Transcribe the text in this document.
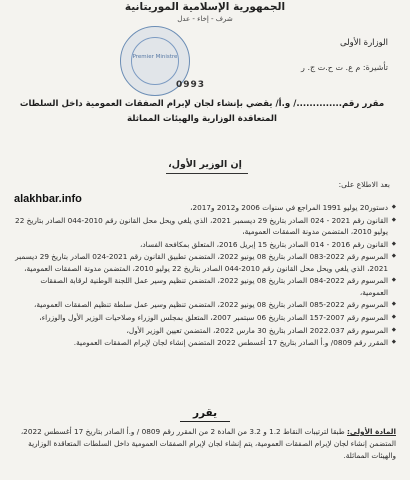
الجمهورية الإسلامية الموريتانية
شرف - إخاء - عدل
الوزارة الأولى
تأشيرة: م ع. ت ح.ت ج. ر
Premier Ministre
0993
مقرر رقم............../ و.أ/ يقضي بإنشاء لجان لإبرام الصفقات العمومية داخل السلطات المتعاقدة الوزارية والهيئات المماثلة
إن الوزير الأول،
بعد الاطلاع على:
alakhbar.info
◆ دستور20 يوليو 1991 المراجع في سنوات 2006 و2012 و2017،
◆ القانون رقم 2021 - 024 الصادر بتاريخ 29 ديسمبر 2021، الذي يلغي ويحل محل القانون رقم 2010-044 الصادر بتاريخ 22 يوليو 2010، المتضمن مدونة الصفقات العمومية،
◆ القانون رقم 2016 - 014 الصادر بتاريخ 15 إبريل 2016، المتعلق بمكافحة الفساد،
◆ المرسوم رقم 2022-083 الصادر بتاريخ 08 يونيو 2022، المتضمن تطبيق القانون رقم 2021-024 الصادر بتاريخ 29 ديسمبر 2021، الذي يلغي ويحل محل القانون رقم 2010-044 الصادر بتاريخ 22 يوليو 2010، المتضمن مدونة الصفقات العمومية،
◆ المرسوم رقم 2022-084 الصادر بتاريخ 08 يونيو 2022، المتضمن تنظيم وسير عمل اللجنة الوطنية لرقابة الصفقات العمومية،
◆ المرسوم رقم 2022-085 الصادر بتاريخ 08 يونيو 2022، المتضمن تنظيم وسير عمل سلطة تنظيم الصفقات العمومية،
◆ المرسوم رقم 2007-157 الصادر بتاريخ 06 سبتمبر 2007، المتعلق بمجلس الوزراء وصلاحيات الوزير الأول والوزراء،
◆ المرسوم رقم 2022.037 الصادر بتاريخ 30 مارس 2022، المتضمن تعيين الوزير الأول،
◆ المقرر رقم 0809/ و.أ الصادر بتاريخ 17 أغسطس 2022 المتضمن إنشاء لجان لإبرام الصفقات العمومية.
يقرر
المادة الأولى: طبقا لترتيبات النقاط 1.2 و 3.2 من المادة 2 من المقرر رقم 0809 / و.أ الصادر بتاريخ 17 أغسطس 2022، المتضمن إنشاء لجان لإبرام الصفقات العمومية، يتم إنشاء لجان لإبرام الصفقات العمومية داخل السلطات المتعاقدة الوزارية والهيئات المماثلة.
